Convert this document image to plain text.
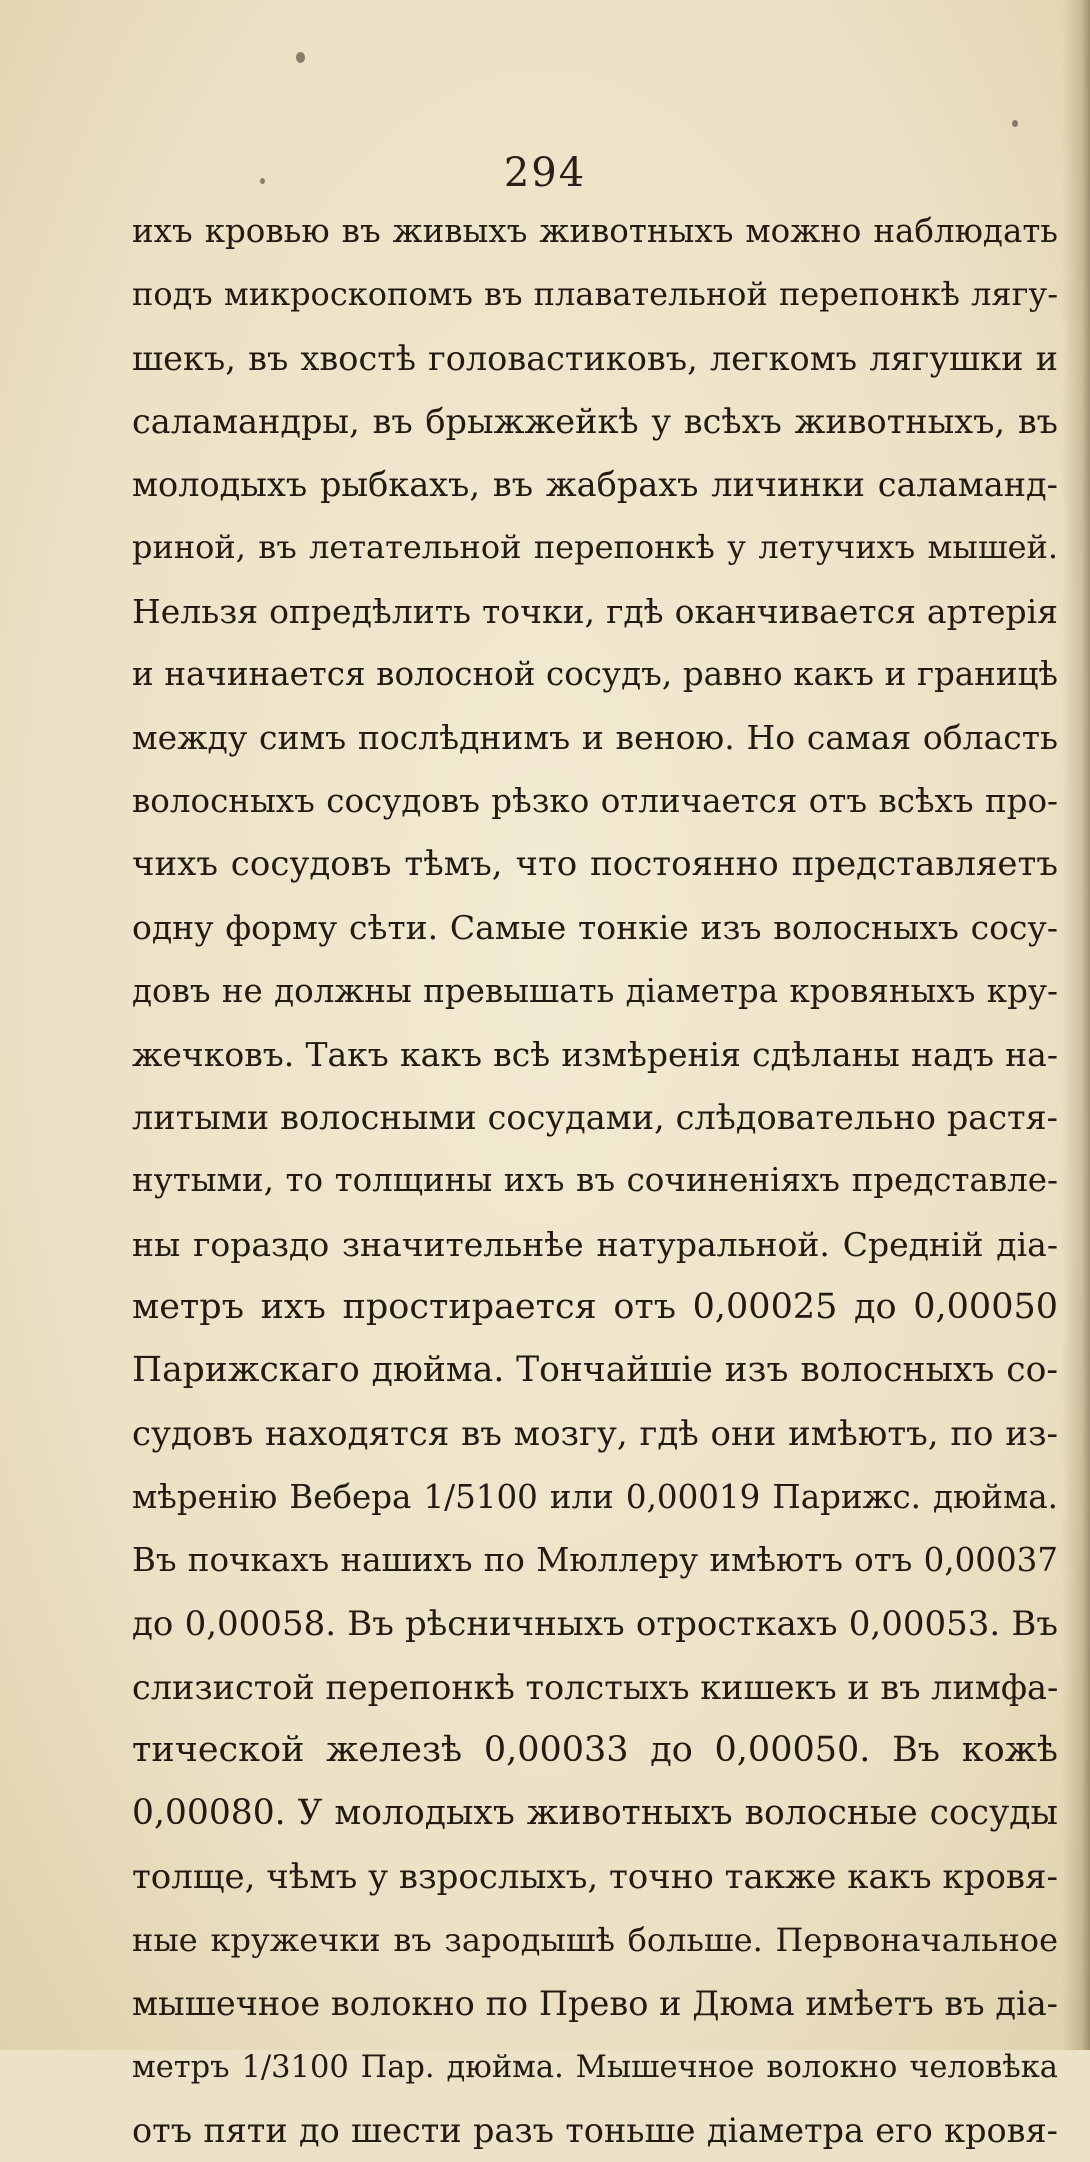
294
ихъ кровью въ живыхъ животныхъ можно наблюдать
подъ микроскопомъ въ плавательной перепонкѣ лягу-
шекъ, въ хвостѣ головастиковъ, легкомъ лягушки и
саламандры, въ брыжжейкѣ у всѣхъ животныхъ, въ
молодыхъ рыбкахъ, въ жабрахъ личинки саламанд-
риной, въ летательной перепонкѣ у летучихъ мышей.
Нельзя опредѣлить точки, гдѣ оканчивается артерія
и начинается волосной сосудъ, равно какъ и границѣ
между симъ послѣднимъ и веною. Но самая область
волосныхъ сосудовъ рѣзко отличается отъ всѣхъ про-
чихъ сосудовъ тѣмъ, что постоянно представляетъ
одну форму сѣти. Самые тонкіе изъ волосныхъ сосу-
довъ не должны превышать діаметра кровяныхъ кру-
жечковъ. Такъ какъ всѣ измѣренія сдѣланы надъ на-
литыми волосными сосудами, слѣдовательно растя-
нутыми, то толщины ихъ въ сочиненіяхъ представле-
ны гораздо значительнѣе натуральной. Средній діа-
метръ ихъ простирается отъ 0,00025 до 0,00050
Парижскаго дюйма. Тончайшіе изъ волосныхъ со-
судовъ находятся въ мозгу, гдѣ они имѣютъ, по из-
мѣренію Вебера 1/5100 или 0,00019 Парижс. дюйма.
Въ почкахъ нашихъ по Мюллеру имѣютъ отъ 0,00037
до 0,00058. Въ рѣсничныхъ отросткахъ 0,00053. Въ
слизистой перепонкѣ толстыхъ кишекъ и въ лимфа-
тической железѣ 0,00033 до 0,00050. Въ кожѣ
0,00080. У молодыхъ животныхъ волосные сосуды
толще, чѣмъ у взрослыхъ, точно также какъ кровя-
ные кружечки въ зародышѣ больше. Первоначальное
мышечное волокно по Прево и Дюма имѣетъ въ діа-
метръ 1/3100 Пар. дюйма. Мышечное волокно человѣка
отъ пяти до шести разъ тоньше діаметра его кровя-
